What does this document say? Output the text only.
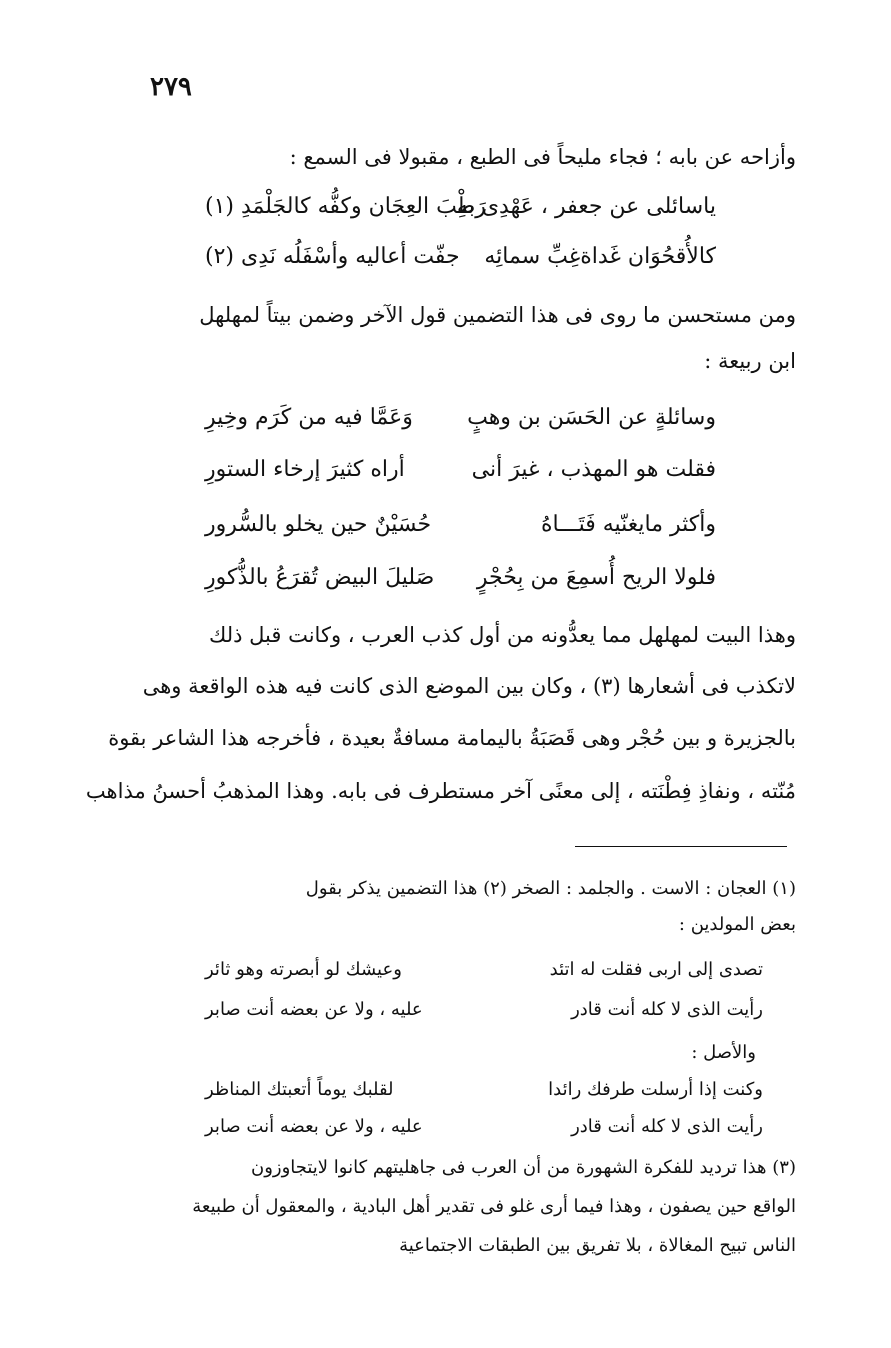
٢٧٩

وأزاحه عن بابه ؛ فجاء مليحاً فى الطبع ، مقبولا فى السمع :

ياسائلى عن جعفر ، عَهْدِى بهِ
رَطْبَ العِجَان وكفُّه كالجَلْمَدِ (١)
كالأُقحُوَان غَداةغِبِّ سمائِه
جفّت أعاليه وأسْفَلُه نَدِى (٢)

ومن مستحسن ما روى فى هذا التضمين قول الآخر وضمن بيتاً لمهلهل

ابن ربيعة :

وسائلةٍ عن الحَسَن بن وهبٍ
وَعَمَّا فيه من كَرَم وخِيرِ
فقلت هو المهذب ، غيرَ أنى
أراه كثيرَ إرخاء الستورِ
وأكثر مايغنّيه فَتَـــاهُ
حُسَيْنٌ حين يخلو بالسُّرور
فلولا الريح أُسمِعَ من بِحُجْرٍ
صَليلَ البيض تُقرَعُ بالذُّكورِ

وهذا البيت لمهلهل مما يعدُّونه من أول كذب العرب ، وكانت قبل ذلك

لاتكذب فى أشعارها (٣) ، وكان بين الموضع الذى كانت فيه هذه الواقعة وهى

بالجزيرة و بين حُجْر وهى قَصَبَةُ باليمامة مسافةٌ بعيدة ، فأخرجه هذا الشاعر بقوة

مُنّته ، ونفاذِ فِطْنَته ، إلى معنًى آخر مستطرف فى بابه. وهذا المذهبُ أحسنُ مذاهب

(١) العجان : الاست . والجلمد : الصخر (٢) هذا التضمين يذكر بقول
بعض المولدين :
تصدى إلى اربى فقلت له اتئد
وعيشك لو أبصرته وهو ثائر
رأيت الذى لا كله أنت قادر
عليه ، ولا عن بعضه أنت صابر
والأصل :
وكنت إذا أرسلت طرفك رائدا
لقلبك يوماً أتعبتك المناظر
رأيت الذى لا كله أنت قادر
عليه ، ولا عن بعضه أنت صابر
(٣) هذا ترديد للفكرة الشهورة من أن العرب فى جاهليتهم كانوا لايتجاوزون
الواقع حين يصفون ، وهذا فيما أرى غلو فى تقدير أهل البادية ، والمعقول أن طبيعة
الناس تبيح المغالاة ، بلا تفريق بين الطبقات الاجتماعية
